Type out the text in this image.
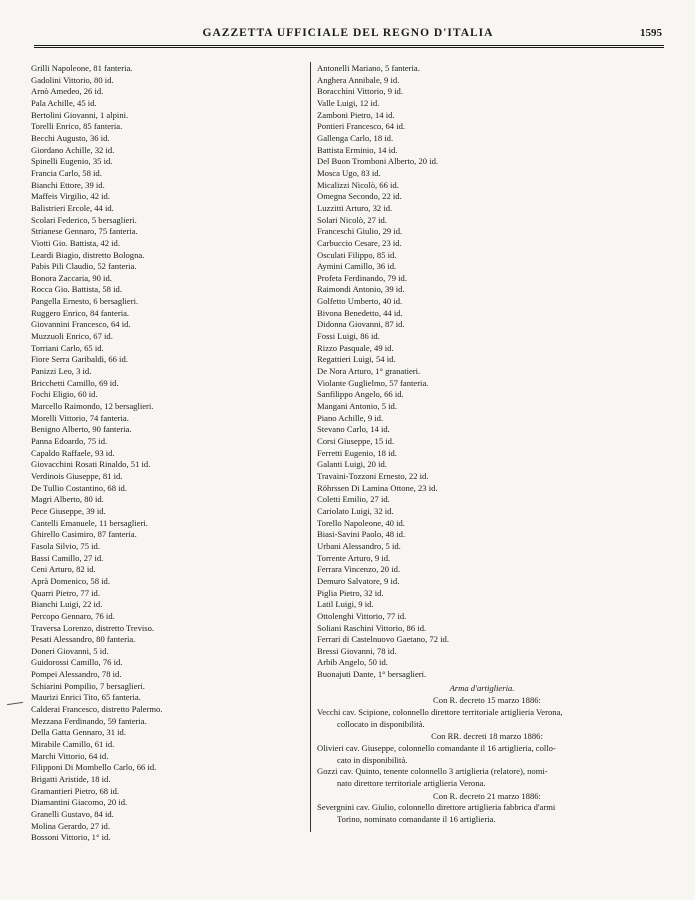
GAZZETTA UFFICIALE DEL REGNO D'ITALIA	1595
Grilli Napoleone, 81 fanteria.
Gadolini Vittorio, 80 id.
Arnò Amedeo, 26 id.
Pala Achille, 45 id.
Bertolini Giovanni, 1 alpini.
Torelli Enrico, 85 fanteria.
Becchi Augusto, 36 id.
Giordano Achille, 32 id.
Spinelli Eugenio, 35 id.
Francia Carlo, 58 id.
Bianchi Ettore, 39 id.
Maffeis Virgilio, 42 id.
Balistrieri Ercole, 44 id.
Scolari Federico, 5 bersaglieri.
Strianese Gennaro, 75 fanteria.
Viotti Gio. Battista, 42 id.
Leardi Biagio, distretto Bologna.
Pabis Pili Claudio, 52 fanteria.
Bonora Zaccaria, 90 id.
Rocca Gio. Battista, 58 id.
Pangella Ernesto, 6 bersaglieri.
Ruggero Enrico, 84 fanteria.
Giovannini Francesco, 64 id.
Muzzuoli Enrico, 67 id.
Torriani Carlo, 65 id.
Fiore Serra Garibaldi, 66 id.
Panizzi Leo, 3 id.
Bricchetti Camillo, 69 id.
Fochi Eligio, 60 id.
Marcello Raimondo, 12 bersaglieri.
Morelli Vittorio, 74 fanteria.
Benigno Alberto, 90 fanteria.
Panna Edoardo, 75 id.
Capaldo Raffaele, 93 id.
Giovacchini Rosati Rinaldo, 51 id.
Verdinois Giuseppe, 81 id.
De Tullio Costantino, 68 id.
Magri Alberto, 80 id.
Pece Giuseppe, 39 id.
Cantelli Emanuele, 11 bersaglieri.
Ghirello Casimiro, 87 fanteria.
Fasola Silvio, 75 id.
Bassi Camillo, 27 id.
Ceni Arturo, 82 id.
Aprà Domenico, 58 id.
Quarri Pietro, 77 id.
Bianchi Luigi, 22 id.
Percopo Gennaro, 76 id.
Traversa Lorenzo, distretto Treviso.
Pesati Alessandro, 80 fanteria.
Doneri Giovanni, 5 id.
Guidorossi Camillo, 76 id.
Pompei Alessandro, 78 id.
Schiarini Pompilio, 7 bersaglieri.
Maurizi Enrici Tito, 65 fanteria.
Calderai Francesco, distretto Palermo.
Mezzana Ferdinando, 59 fanteria.
Della Gatta Gennaro, 31 id.
Mirabile Camillo, 61 id.
Marchi Vittorio, 64 id.
Filipponi Di Mombello Carlo, 66 id.
Brigatti Aristide, 18 id.
Gramantieri Pietro, 68 id.
Diamantini Giacomo, 20 id.
Granelli Gustavo, 84 id.
Molina Gerardo, 27 id.
Bossoni Vittorio, 1° id.
Antonelli Mariano, 5 fanteria.
Anghera Annibale, 9 id.
Boracchini Vittorio, 9 id.
Valle Luigi, 12 id.
Zamboni Pietro, 14 id.
Pontieri Francesco, 64 id.
Gallenga Carlo, 18 id.
Battista Erminio, 14 id.
Del Buon Tromboni Alberto, 20 id.
Mosca Ugo, 83 id.
Micalizzi Nicolò, 66 id.
Omegna Secondo, 22 id.
Luzzitti Arturo, 32 id.
Solari Nicolò, 27 id.
Franceschi Giulio, 29 id.
Carbuccio Cesare, 23 id.
Osculati Filippo, 85 id.
Aymini Camillo, 36 id.
Profeta Ferdinando, 79 id.
Raimondi Antonio, 39 id.
Golfetto Umberto, 40 id.
Bivona Benedetto, 44 id.
Didonna Giovanni, 87 id.
Fossi Luigi, 86 id.
Rizzo Pasquale, 49 id.
Regattieri Luigi, 54 id.
De Nora Arturo, 1° granatieri.
Violante Guglielmo, 57 fanteria.
Sanfilippo Angelo, 66 id.
Mangani Antonio, 5 id.
Piano Achille, 9 id.
Stevano Carlo, 14 id.
Corsi Giuseppe, 15 id.
Ferretti Eugenio, 18 id.
Galanti Luigi, 20 id.
Travaini-Tozzoni Ernesto, 22 id.
Röhrssen Di Lamina Ottone, 23 id.
Coletti Emilio, 27 id.
Cariolato Luigi, 32 id.
Torello Napoleone, 40 id.
Biasi-Savini Paolo, 48 id.
Urbani Alessandro, 5 id.
Torrente Arturo, 9 id.
Ferrara Vincenzo, 20 id.
Demuro Salvatore, 9 id.
Piglia Pietro, 32 id.
Latil Luigi, 9 id.
Ottolenghi Vittorio, 77 id.
Soliani Raschini Vittorio, 86 id.
Ferrari di Castelnuovo Gaetano, 72 id.
Bressi Giovanni, 78 id.
Arbib Angelo, 50 id.
Buonajuti Dante, 1° bersaglieri.
Arma d'artiglieria.
Con R. decreto 15 marzo 1886:
Vecchi cav. Scipione, colonnello direttore territoriale artiglieria Verona,
collocato in disponibilità.
Con RR. decreti 18 marzo 1886:
Olivieri cav. Giuseppe, colonnello comandante il 16 artiglieria, collo-
cato in disponibilità.
Gozzi cav. Quinto, tenente colonnello 3 artiglieria (relatore), nomi-
nato direttore territoriale artiglieria Verona.
Con R. decreto 21 marzo 1886:
Severgnini cav. Giulio, colonnello direttore artiglieria fabbrica d'armi
Torino, nominato comandante il 16 artiglieria.
